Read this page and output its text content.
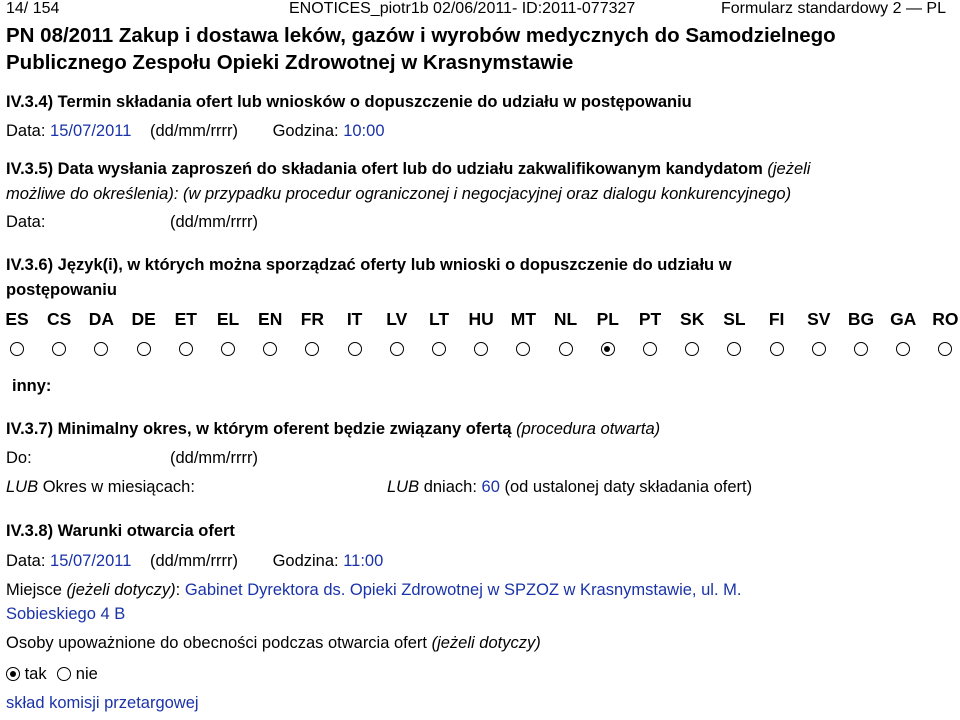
14/ 154	ENOTICES_piotr1b 02/06/2011- ID:2011-077327	Formularz standardowy 2 — PL
PN 08/2011 Zakup i dostawa leków, gazów i wyrobów medycznych do Samodzielnego
Publicznego Zespołu Opieki Zdrowotnej w Krasnymstawie
IV.3.4) Termin składania ofert lub wniosków o dopuszczenie do udziału w postępowaniu
Data: 15/07/2011 (dd/mm/rrrr) Godzina: 10:00
IV.3.5) Data wysłania zaproszeń do składania ofert lub do udziału zakwalifikowanym kandydatom (jeżeli
możliwe do określenia): (w przypadku procedur ograniczonej i negocjacyjnej oraz dialogu konkurencyjnego)
Data:	(dd/mm/rrrr)
IV.3.6) Język(i), w których można sporządzać oferty lub wnioski o dopuszczenie do udziału w
postępowaniu
ES	CS DA DE	ET	EL	EN	FR	IT	LV	LT	HU MT	NL	PL	PT	SK	SL	FI	SV BG GA RO
inny:
IV.3.7) Minimalny okres, w którym oferent będzie związany ofertą (procedura otwarta)
Do:	(dd/mm/rrrr)
LUB Okres w miesiącach:	LUB dniach: 60 (od ustalonej daty składania ofert)
IV.3.8) Warunki otwarcia ofert
Data: 15/07/2011 (dd/mm/rrrr) Godzina: 11:00
Miejsce (jeżeli dotyczy): Gabinet Dyrektora ds. Opieki Zdrowotnej w SPZOZ w Krasnymstawie, ul. M.
Sobieskiego 4 B
Osoby upoważnione do obecności podczas otwarcia ofert (jeżeli dotyczy)
tak nie
skład komisji przetargowej
